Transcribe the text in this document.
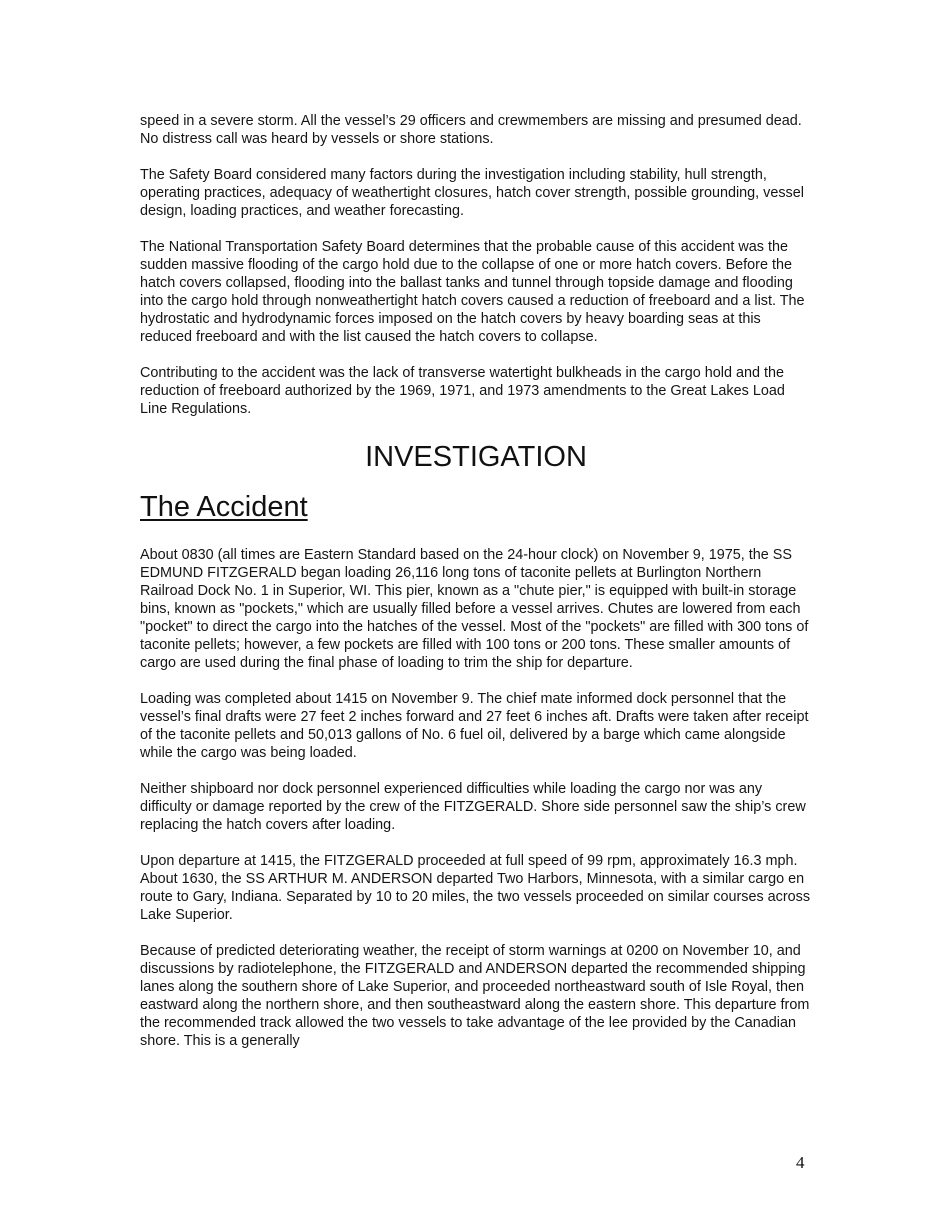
speed in a severe storm. All the vessel’s 29 officers and crewmembers are missing and presumed dead. No distress call was heard by vessels or shore stations.

The Safety Board considered many factors during the investigation including stability, hull strength, operating practices, adequacy of weathertight closures, hatch cover strength, possible grounding, vessel design, loading practices, and weather forecasting.

The National Transportation Safety Board determines that the probable cause of this accident was the sudden massive flooding of the cargo hold due to the collapse of one or more hatch covers. Before the hatch covers collapsed, flooding into the ballast tanks and tunnel through topside damage and flooding into the cargo hold through nonweathertight hatch covers caused a reduction of freeboard and a list. The hydrostatic and hydrodynamic forces imposed on the hatch covers by heavy boarding seas at this reduced freeboard and with the list caused the hatch covers to collapse.

Contributing to the accident was the lack of transverse watertight bulkheads in the cargo hold and the reduction of freeboard authorized by the 1969, 1971, and 1973 amendments to the Great Lakes Load Line Regulations.

INVESTIGATION
The Accident

About 0830 (all times are Eastern Standard based on the 24-hour clock) on November 9, 1975, the SS EDMUND FITZGERALD began loading 26,116 long tons of taconite pellets at Burlington Northern Railroad Dock No. 1 in Superior, WI. This pier, known as a "chute pier," is equipped with built-in storage bins, known as "pockets," which are usually filled before a vessel arrives. Chutes are lowered from each "pocket" to direct the cargo into the hatches of the vessel. Most of the "pockets" are filled with 300 tons of taconite pellets; however, a few pockets are filled with 100 tons or 200 tons. These smaller amounts of cargo are used during the final phase of loading to trim the ship for departure.

Loading was completed about 1415 on November 9. The chief mate informed dock personnel that the vessel’s final drafts were 27 feet 2 inches forward and 27 feet 6 inches aft. Drafts were taken after receipt of the taconite pellets and 50,013 gallons of No. 6 fuel oil, delivered by a barge which came alongside while the cargo was being loaded.

Neither shipboard nor dock personnel experienced difficulties while loading the cargo nor was any difficulty or damage reported by the crew of the FITZGERALD. Shore side personnel saw the ship’s crew replacing the hatch covers after loading.

Upon departure at 1415, the FITZGERALD proceeded at full speed of 99 rpm, approximately 16.3 mph. About 1630, the SS ARTHUR M. ANDERSON departed Two Harbors, Minnesota, with a similar cargo en route to Gary, Indiana. Separated by 10 to 20 miles, the two vessels proceeded on similar courses across Lake Superior.

Because of predicted deteriorating weather, the receipt of storm warnings at 0200 on November 10, and discussions by radiotelephone, the FITZGERALD and ANDERSON departed the recommended shipping lanes along the southern shore of Lake Superior, and proceeded northeastward south of Isle Royal, then eastward along the northern shore, and then southeastward along the eastern shore. This departure from the recommended track allowed the two vessels to take advantage of the lee provided by the Canadian shore. This is a generally

4
